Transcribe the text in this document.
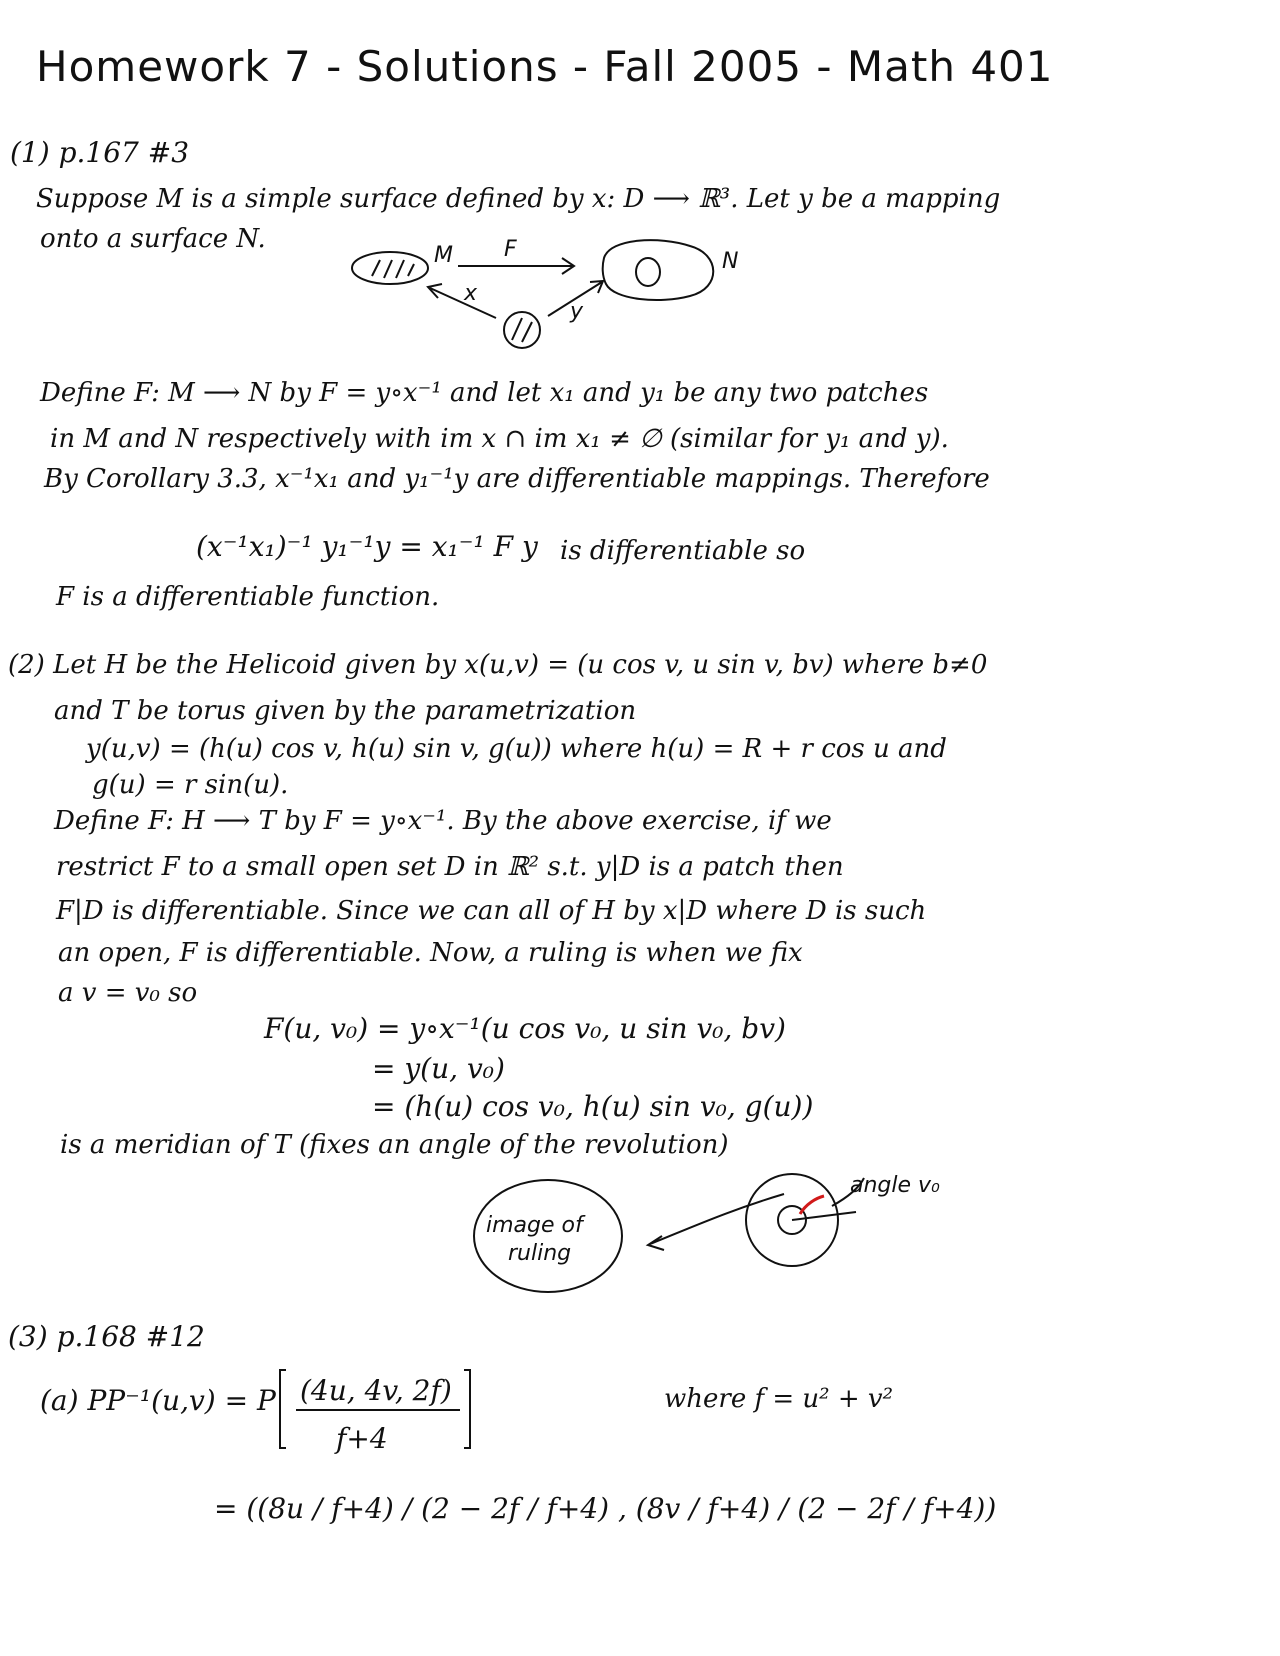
Homework 7 - Solutions - Fall 2005 - Math 401
(1) p.167 #3
Suppose M is a simple surface defined by x: D ⟶ ℝ³. Let y be a mapping
onto a surface N.
Define F: M ⟶ N by F = y∘x⁻¹ and let x₁ and y₁ be any two patches
in M and N respectively with im x ∩ im x₁ ≠ ∅ (similar for y₁ and y).
By Corollary 3.3, x⁻¹x₁ and y₁⁻¹y are differentiable mappings. Therefore
(x⁻¹x₁)⁻¹ y₁⁻¹y = x₁⁻¹ F y is differentiable so
F is a differentiable function.
(2) Let H be the Helicoid given by x(u,v) = (u cos v, u sin v, bv) where b≠0
and T be torus given by the parametrization
y(u,v) = (h(u) cos v, h(u) sin v, g(u)) where h(u) = R + r cos u and
g(u) = r sin(u).
Define F: H ⟶ T by F = y∘x⁻¹. By the above exercise, if we
restrict F to a small open set D in ℝ² s.t. y|D is a patch then
F|D is differentiable. Since we can all of H by x|D where D is such
an open, F is differentiable. Now, a ruling is when we fix
a v = v₀ so
F(u, v₀) = y∘x⁻¹(u cos v₀, u sin v₀, bv)
= y(u, v₀)
= (h(u) cos v₀, h(u) sin v₀, g(u))
is a meridian of T (fixes an angle of the revolution)
(3) p.168 #12
(a) PP⁻¹(u,v) = P (4u, 4v, 2f)
f+4
where f = u² + v²
= ((8u / f+4) / (2 − 2f / f+4) , (8v / f+4) / (2 − 2f / f+4))
M F	N
x
y
angle v₀
image of
ruling
